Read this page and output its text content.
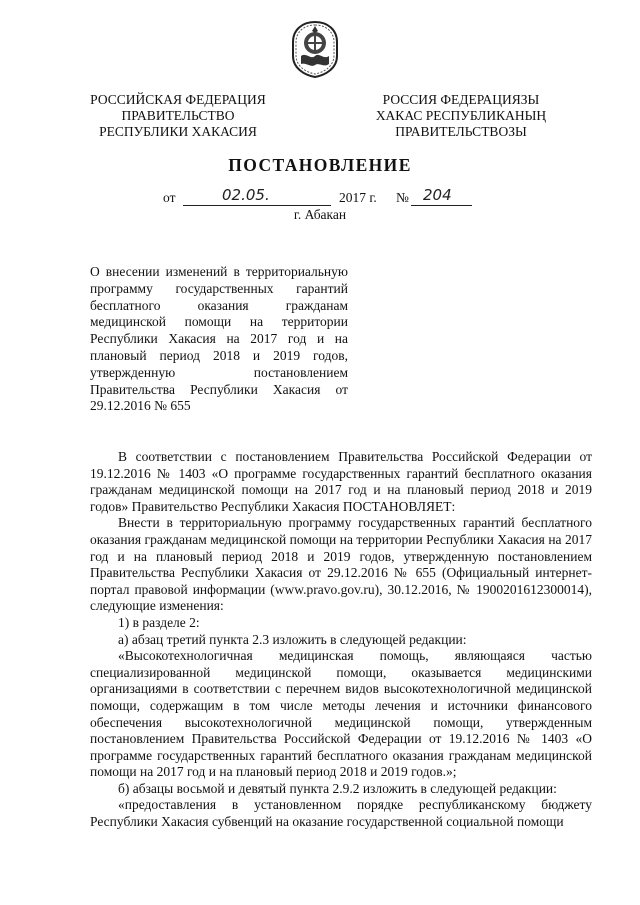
РОССИЙСКАЯ ФЕДЕРАЦИЯ
ПРАВИТЕЛЬСТВО
РЕСПУБЛИКИ ХАКАСИЯ
РОССИЯ ФЕДЕРАЦИЯЗЫ
ХАКАС РЕСПУБЛИКАНЫҢ
ПРАВИТЕЛЬСТВОЗЫ
ПОСТАНОВЛЕНИЕ
от	02.05.	2017 г. № 204
г. Абакан
О внесении изменений в территориальную программу государственных гарантий бесплатного оказания гражданам медицинской помощи на территории Республики Хакасия на 2017 год и на плановый период 2018 и 2019 годов, утвержденную постановлением Правительства Республики Хакасия от 29.12.2016 № 655

В соответствии с постановлением Правительства Российской Федерации от 19.12.2016 № 1403 «О программе государственных гарантий бесплатного оказания гражданам медицинской помощи на 2017 год и на плановый период 2018 и 2019 годов» Правительство Республики Хакасия ПОСТАНОВЛЯЕТ:

Внести в территориальную программу государственных гарантий бесплатного оказания гражданам медицинской помощи на территории Республики Хакасия на 2017 год и на плановый период 2018 и 2019 годов, утвержденную постановлением Правительства Республики Хакасия от 29.12.2016 № 655 (Официальный интернет-портал правовой информации (www.pravo.gov.ru), 30.12.2016, № 1900201612300014), следующие изменения:

1) в разделе 2:

а) абзац третий пункта 2.3 изложить в следующей редакции:

«Высокотехнологичная медицинская помощь, являющаяся частью специализированной медицинской помощи, оказывается медицинскими организациями в соответствии с перечнем видов высокотехнологичной медицинской помощи, содержащим в том числе методы лечения и источники финансового обеспечения высокотехнологичной медицинской помощи, утвержденным постановлением Правительства Российской Федерации от 19.12.2016 № 1403 «О программе государственных гарантий бесплатного оказания гражданам медицинской помощи на 2017 год и на плановый период 2018 и 2019 годов.»;

б) абзацы восьмой и девятый пункта 2.9.2 изложить в следующей редакции:

«предоставления в установленном порядке республиканскому бюджету Республики Хакасия субвенций на оказание государственной социальной помощи
